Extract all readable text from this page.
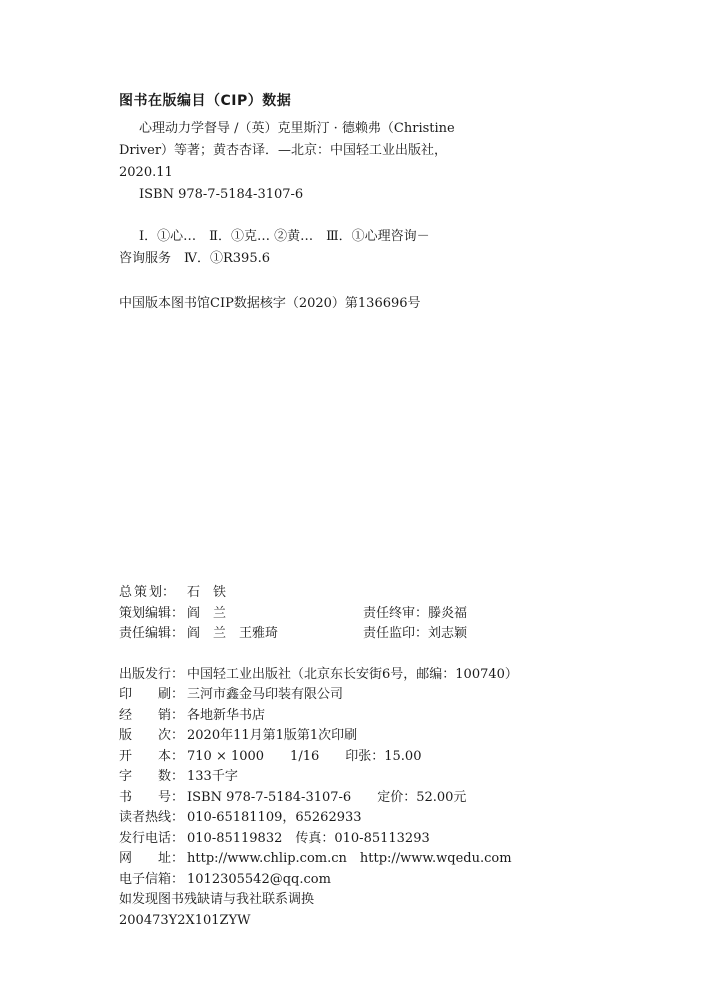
图书在版编目（CIP）数据
心理动力学督导 /（英）克里斯汀 · 德赖弗（Christine
Driver）等著；黄杏杏译．—北京：中国轻工业出版社，
2020.11
ISBN 978-7-5184-3107-6
Ⅰ．①心…　Ⅱ．①克… ②黄…　Ⅲ．①心理咨询－
咨询服务　Ⅳ．①R395.6
中国版本图书馆CIP数据核字（2020）第136696号
总 策 划： 石　铁
策划编辑： 阎　兰	责任终审： 滕炎福
责任编辑： 阎　兰　王雅琦	责任监印： 刘志颖
出版发行： 中国轻工业出版社（北京东长安街6号，邮编：100740）
印　　刷： 三河市鑫金马印装有限公司
经　　销： 各地新华书店
版　　次： 2020年11月第1版第1次印刷
开　　本： 710 × 1000　　1/16　　印张：15.00
字　　数： 133千字
书　　号： ISBN 978-7-5184-3107-6　　定价：52.00元
读者热线： 010-65181109，65262933
发行电话： 010-85119832　传真：010-85113293
网　　址： http://www.chlip.com.cn　http://www.wqedu.com
电子信箱： 1012305542@qq.com
如发现图书残缺请与我社联系调换
200473Y2X101ZYW
